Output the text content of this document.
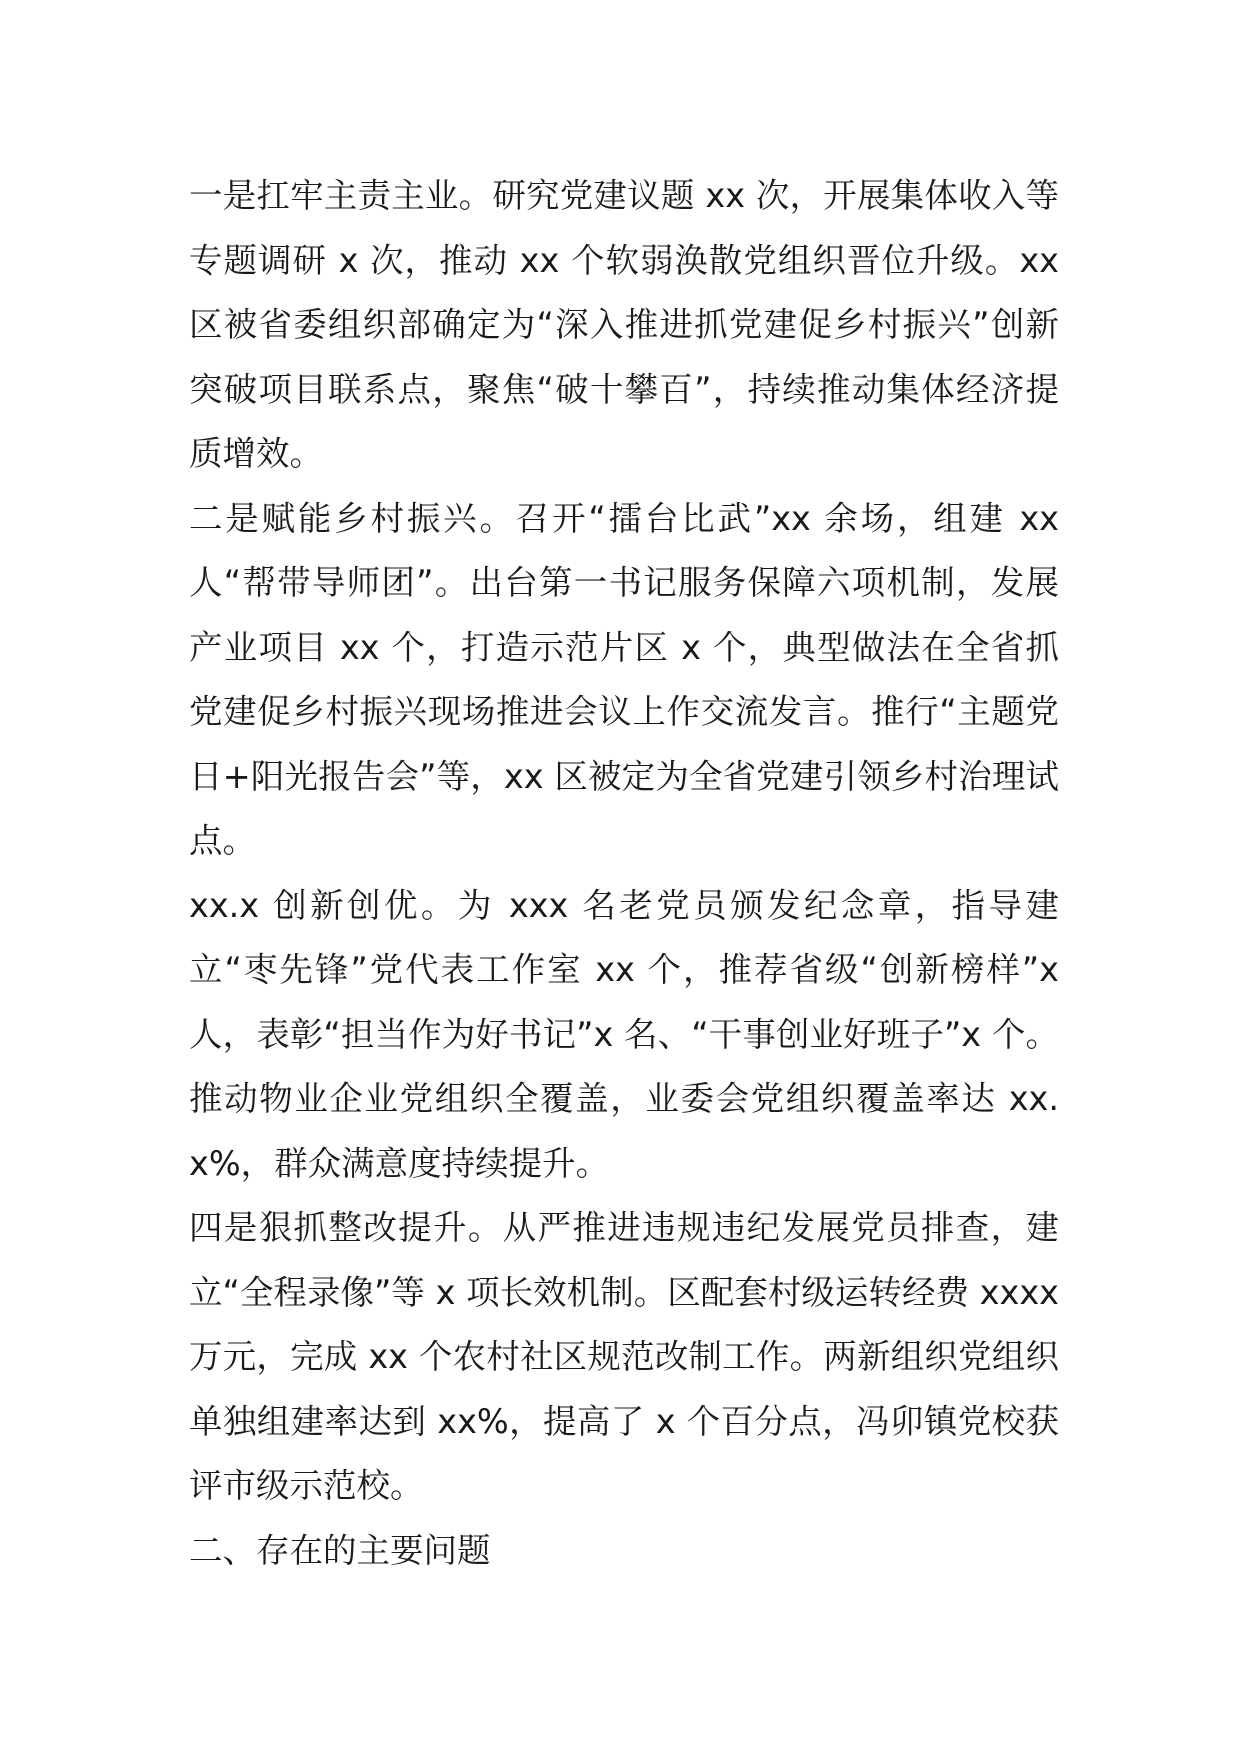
一是扛牢主责主业。研究党建议题 xx 次，开展集体收入等专题调研 x 次，推动 xx 个软弱涣散党组织晋位升级。xx 区被省委组织部确定为“深入推进抓党建促乡村振兴”创新突破项目联系点，聚焦“破十攀百”，持续推动集体经济提质增效。

二是赋能乡村振兴。召开“擂台比武”xx 余场，组建 xx 人“帮带导师团”。出台第一书记服务保障六项机制，发展产业项目 xx 个，打造示范片区 x 个，典型做法在全省抓党建促乡村振兴现场推进会议上作交流发言。推行“主题党日+阳光报告会”等，xx 区被定为全省党建引领乡村治理试点。

xx.x 创新创优。为 xxx 名老党员颁发纪念章，指导建立“枣先锋”党代表工作室 xx 个，推荐省级“创新榜样”x 人，表彰“担当作为好书记”x 名、“干事创业好班子”x 个。推动物业企业党组织全覆盖，业委会党组织覆盖率达 xx.x%，群众满意度持续提升。

四是狠抓整改提升。从严推进违规违纪发展党员排查，建立“全程录像”等 x 项长效机制。区配套村级运转经费 xxxx 万元，完成 xx 个农村社区规范改制工作。两新组织党组织单独组建率达到 xx%，提高了 x 个百分点，冯卯镇党校获评市级示范校。

二、存在的主要问题
